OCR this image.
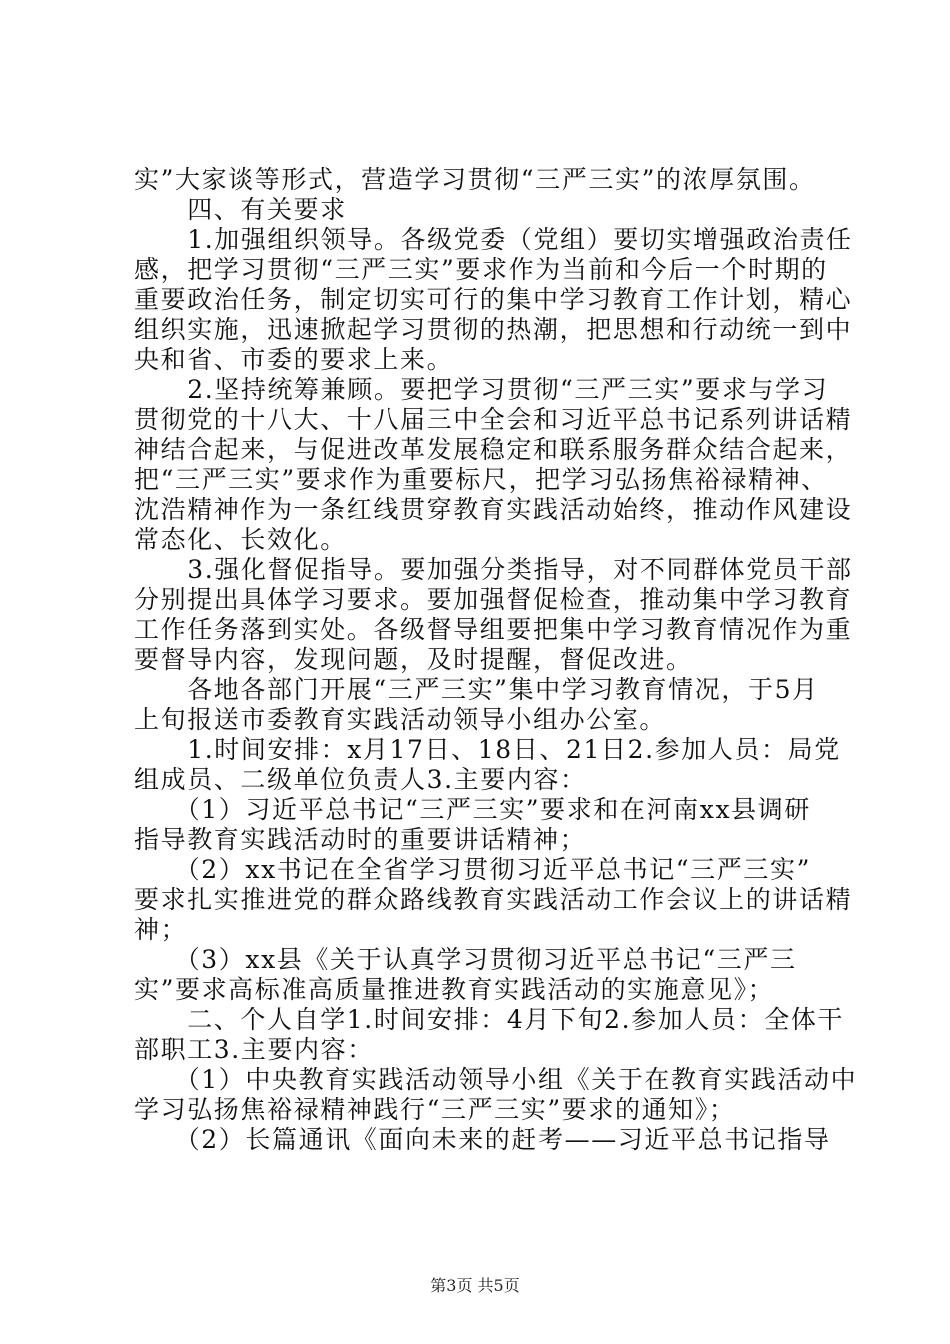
实”大家谈等形式，营造学习贯彻“三严三实”的浓厚氛围。
　　四、有关要求
　　1.加强组织领导。各级党委（党组）要切实增强政治责任
感，把学习贯彻“三严三实”要求作为当前和今后一个时期的
重要政治任务，制定切实可行的集中学习教育工作计划，精心
组织实施，迅速掀起学习贯彻的热潮，把思想和行动统一到中
央和省、市委的要求上来。
　　2.坚持统筹兼顾。要把学习贯彻“三严三实”要求与学习
贯彻党的十八大、十八届三中全会和习近平总书记系列讲话精
神结合起来，与促进改革发展稳定和联系服务群众结合起来，
把“三严三实”要求作为重要标尺，把学习弘扬焦裕禄精神、
沈浩精神作为一条红线贯穿教育实践活动始终，推动作风建设
常态化、长效化。
　　3.强化督促指导。要加强分类指导，对不同群体党员干部
分别提出具体学习要求。要加强督促检查，推动集中学习教育
工作任务落到实处。各级督导组要把集中学习教育情况作为重
要督导内容，发现问题，及时提醒，督促改进。
　　各地各部门开展“三严三实”集中学习教育情况，于5月
上旬报送市委教育实践活动领导小组办公室。
　　1.时间安排：x月17日、18日、21日2.参加人员：局党
组成员、二级单位负责人3.主要内容：
　　（1）习近平总书记“三严三实”要求和在河南xx县调研
指导教育实践活动时的重要讲话精神；
　　（2）xx书记在全省学习贯彻习近平总书记“三严三实”
要求扎实推进党的群众路线教育实践活动工作会议上的讲话精
神；
　　（3）xx县《关于认真学习贯彻习近平总书记“三严三
实”要求高标准高质量推进教育实践活动的实施意见》；
　　二、个人自学1.时间安排：4月下旬2.参加人员：全体干
部职工3.主要内容：
　　（1）中央教育实践活动领导小组《关于在教育实践活动中
学习弘扬焦裕禄精神践行“三严三实”要求的通知》；
　　（2）长篇通讯《面向未来的赶考——习近平总书记指导
第3页 共5页
